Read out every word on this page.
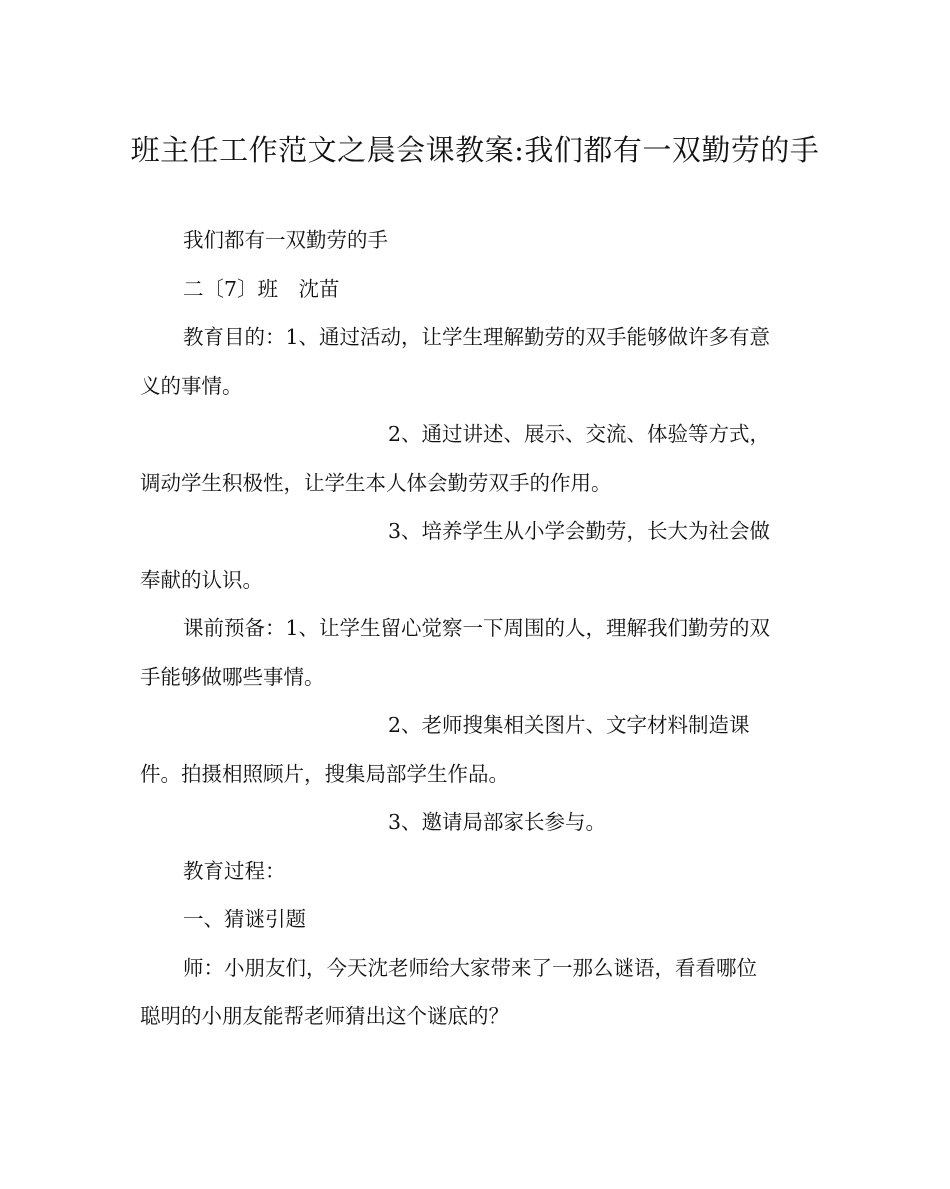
班主任工作范文之晨会课教案:我们都有一双勤劳的手

我们都有一双勤劳的手

二〔7〕班　沈苗

教育目的：1、通过活动，让学生理解勤劳的双手能够做许多有意

义的事情。

2、通过讲述、展示、交流、体验等方式，

调动学生积极性，让学生本人体会勤劳双手的作用。

3、培养学生从小学会勤劳，长大为社会做

奉献的认识。

课前预备：1、让学生留心觉察一下周围的人，理解我们勤劳的双

手能够做哪些事情。

2、老师搜集相关图片、文字材料制造课

件。拍摄相照顾片，搜集局部学生作品。

3、邀请局部家长参与。

教育过程：

一、猜谜引题

师：小朋友们，今天沈老师给大家带来了一那么谜语，看看哪位

聪明的小朋友能帮老师猜出这个谜底的？
